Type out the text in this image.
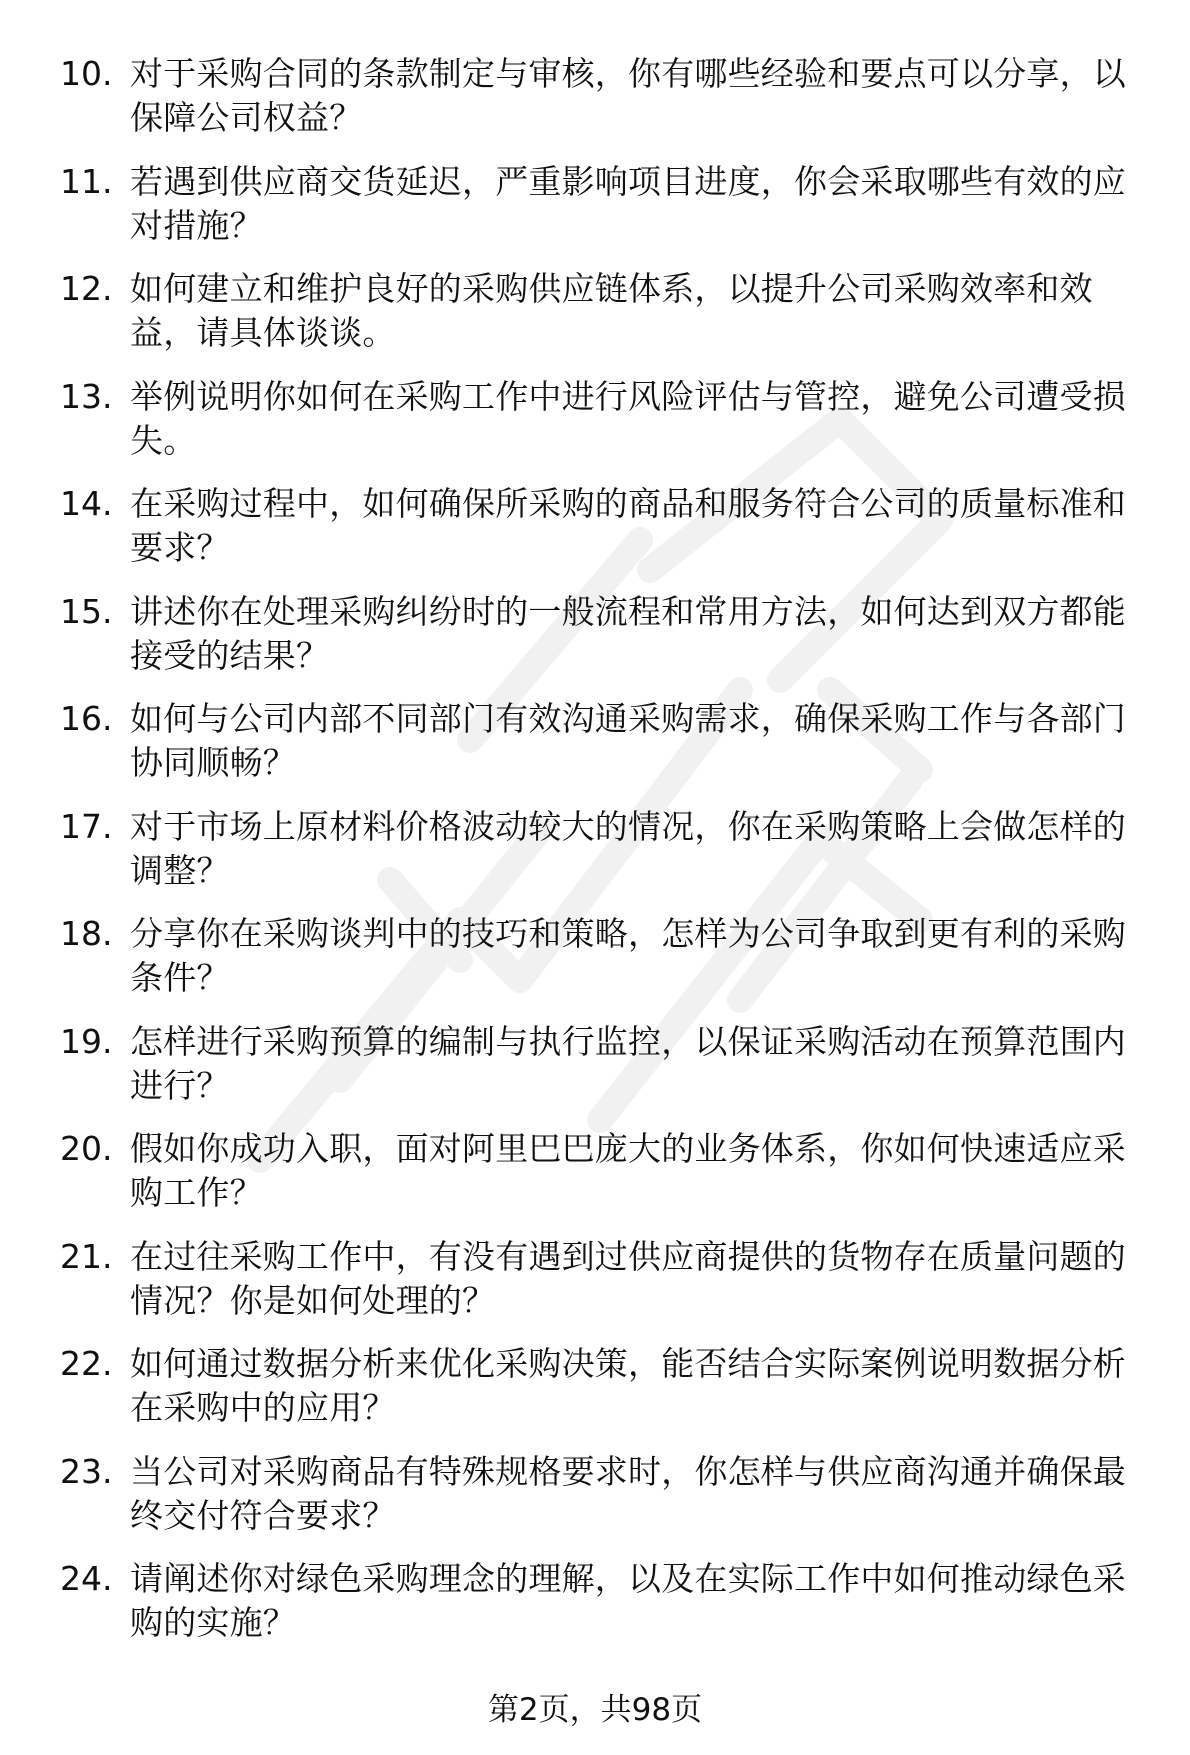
10. 对于采购合同的条款制定与审核，你有哪些经验和要点可以分享，以保障公司权益？
11. 若遇到供应商交货延迟，严重影响项目进度，你会采取哪些有效的应对措施？
12. 如何建立和维护良好的采购供应链体系，以提升公司采购效率和效益，请具体谈谈。
13. 举例说明你如何在采购工作中进行风险评估与管控，避免公司遭受损失。
14. 在采购过程中，如何确保所采购的商品和服务符合公司的质量标准和要求？
15. 讲述你在处理采购纠纷时的一般流程和常用方法，如何达到双方都能接受的结果？
16. 如何与公司内部不同部门有效沟通采购需求，确保采购工作与各部门协同顺畅？
17. 对于市场上原材料价格波动较大的情况，你在采购策略上会做怎样的调整？
18. 分享你在采购谈判中的技巧和策略，怎样为公司争取到更有利的采购条件？
19. 怎样进行采购预算的编制与执行监控，以保证采购活动在预算范围内进行？
20. 假如你成功入职，面对阿里巴巴庞大的业务体系，你如何快速适应采购工作？
21. 在过往采购工作中，有没有遇到过供应商提供的货物存在质量问题的情况？你是如何处理的？
22. 如何通过数据分析来优化采购决策，能否结合实际案例说明数据分析在采购中的应用？
23. 当公司对采购商品有特殊规格要求时，你怎样与供应商沟通并确保最终交付符合要求？
24. 请阐述你对绿色采购理念的理解，以及在实际工作中如何推动绿色采购的实施？
第2页，共98页
